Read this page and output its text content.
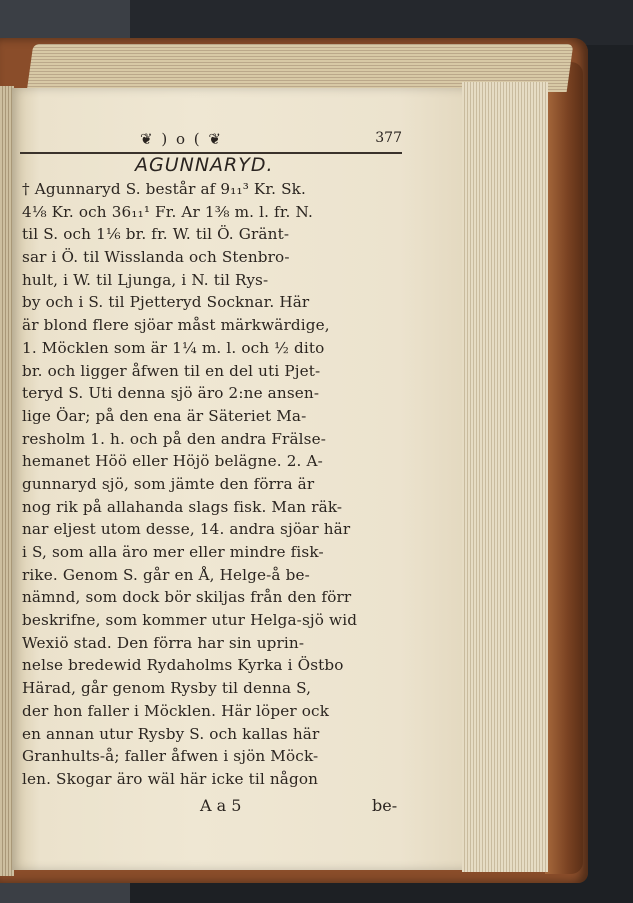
❦ ) o ( ❦	377
AGUNNARYD.
† Agunnaryd S. består af 9₁₁³ Kr. Sk.
4⅛ Kr. och 36₁₁¹ Fr. Ar 1⅜ m. l. fr. N.
til S. och 1⅙ br. fr. W. til Ö. Gränt-
sar i Ö. til Wisslanda och Stenbro-
hult, i W. til Ljunga, i N. til Rys-
by och i S. til Pjetteryd Socknar. Här
är blond flere sjöar måst märkwärdige,
1. Möcklen som är 1¼ m. l. och ½ dito
br. och ligger åfwen til en del uti Pjet-
teryd S. Uti denna sjö äro 2:ne ansen-
lige Öar; på den ena är Säteriet Ma-
resholm 1. h. och på den andra Frälse-
hemanet Höö eller Höjö belägne. 2. A-
gunnaryd sjö, som jämte den förra är
nog rik på allahanda slags fisk. Man räk-
nar eljest utom desse, 14. andra sjöar här
i S, som alla äro mer eller mindre fisk-
rike. Genom S. går en Å, Helge-å be-
nämnd, som dock bör skiljas från den förr
beskrifne, som kommer utur Helga-sjö wid
Wexiö stad. Den förra har sin uprin-
nelse bredewid Rydaholms Kyrka i Östbo
Härad, går genom Rysby til denna S,
der hon faller i Möcklen. Här löper ock
en annan utur Rysby S. och kallas här
Granhults-å; faller åfwen i sjön Möck-
len. Skogar äro wäl här icke til någon
A a 5	be-
